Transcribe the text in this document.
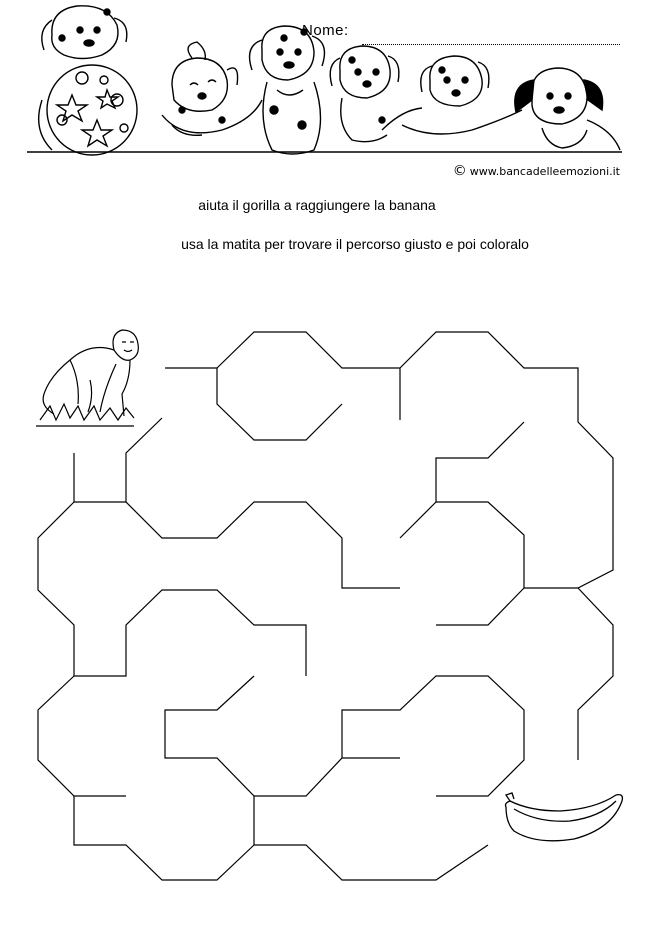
Nome:
© www.bancadelleemozioni.it
aiuta il gorilla a raggiungere la banana
usa la matita per trovare il percorso giusto e poi coloralo
